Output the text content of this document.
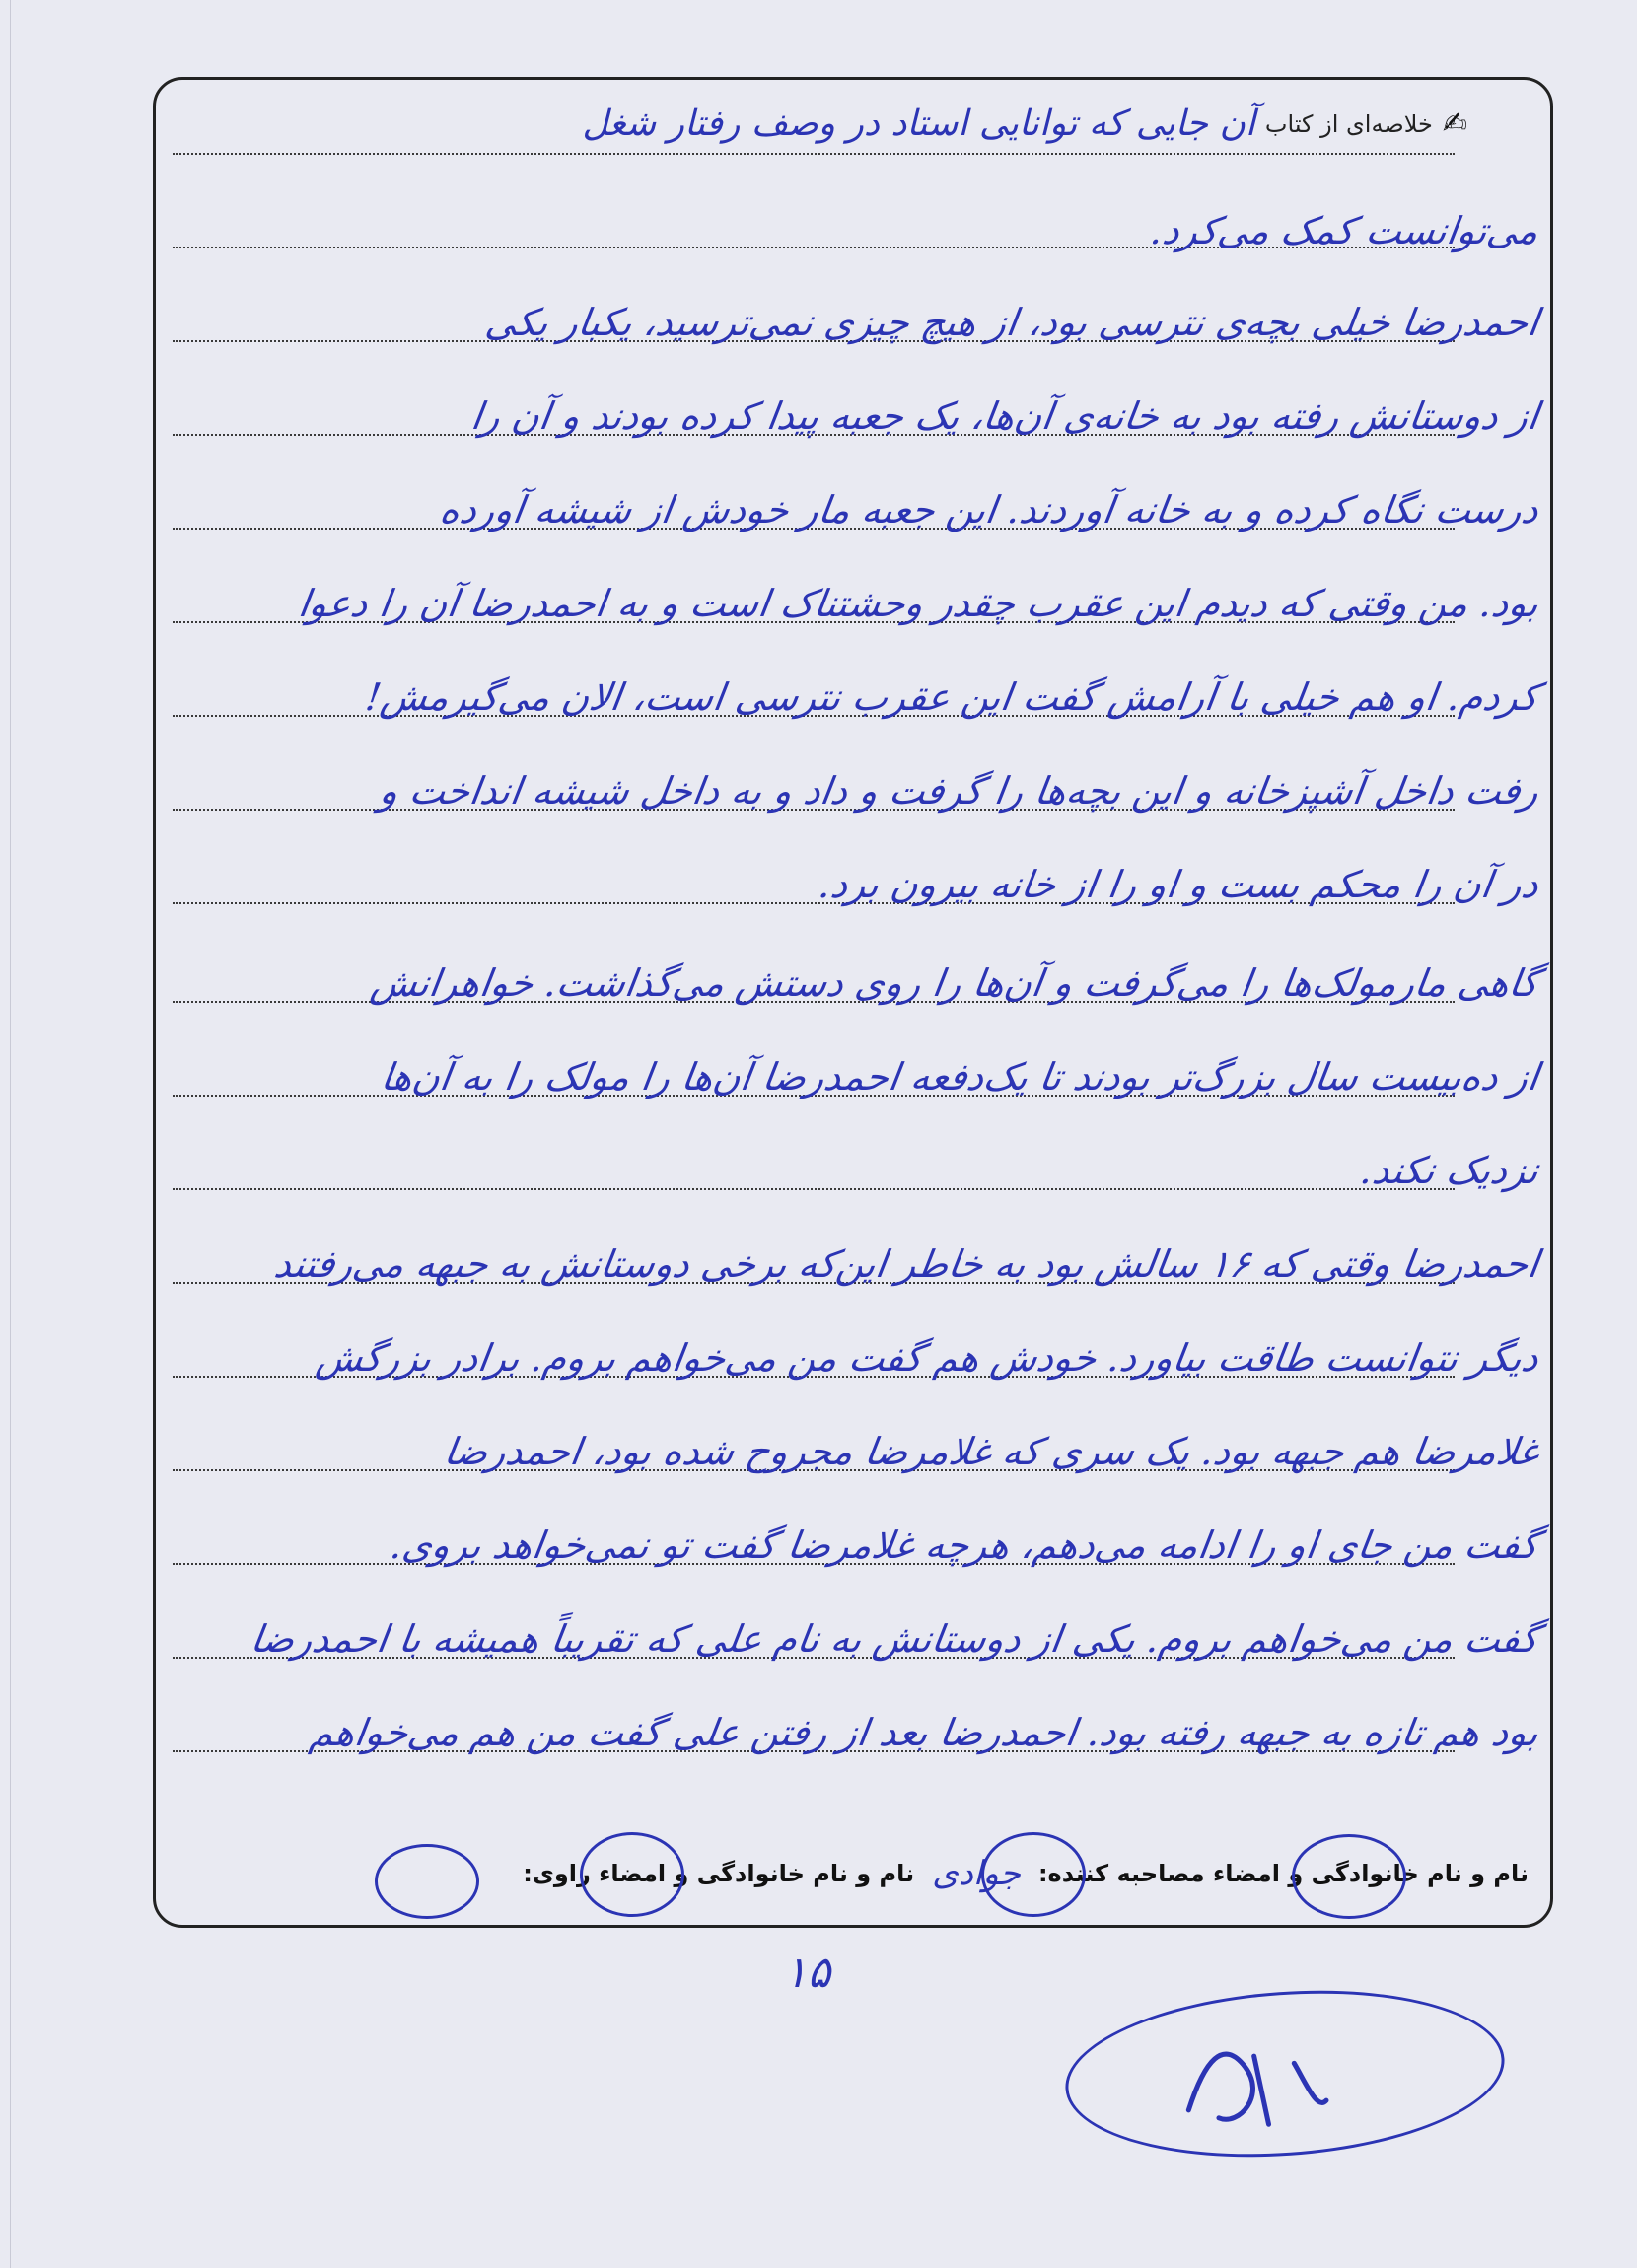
✍
خلاصه‌ای از کتاب
آن جایی که توانایی استاد در وصف رفتار شغل
می‌توانست کمک می‌کرد.
احمدرضا خیلی بچه‌ی نترسی بود، از هیچ چیزی نمی‌ترسید، یکبار یکی
از دوستانش رفته بود به خانه‌ی آن‌ها، یک جعبه پیدا کرده بودند و آن را
درست نگاه کرده و به خانه آوردند. این جعبه مار خودش از شیشه آورده
بود. من وقتی که دیدم این عقرب چقدر وحشتناک است و به احمدرضا آن را دعوا
کردم. او هم خیلی با آرامش گفت این عقرب نترسی است، الان می‌گیرمش!
رفت داخل آشپزخانه و این بچه‌ها را گرفت و داد و به داخل شیشه انداخت و
در آن را محکم بست و او را از خانه بیرون برد.
گاهی مارمولک‌ها را می‌گرفت و آن‌ها را روی دستش می‌گذاشت. خواهرانش
از ده‌بیست سال بزرگ‌تر بودند تا یک‌دفعه احمدرضا آن‌ها را مولک را به آن‌ها
نزدیک نکند.
احمدرضا وقتی که ۱۶ سالش بود به خاطر این‌که برخی دوستانش به جبهه می‌رفتند
دیگر نتوانست طاقت بیاورد. خودش هم گفت من می‌خواهم بروم. برادر بزرگش
غلامرضا هم جبهه بود. یک سری که غلامرضا مجروح شده بود، احمدرضا
گفت من جای او را ادامه می‌دهم، هرچه غلامرضا گفت تو نمی‌خواهد بروی.
گفت من می‌خواهم بروم. یکی از دوستانش به نام علی که تقریباً همیشه با احمدرضا
بود هم تازه به جبهه رفته بود. احمدرضا بعد از رفتن علی گفت من هم می‌خواهم
نام و نام خانوادگی و امضاء مصاحبه کننده:
جوادی
نام و نام خانوادگی و امضاء راوی:
۱۵
